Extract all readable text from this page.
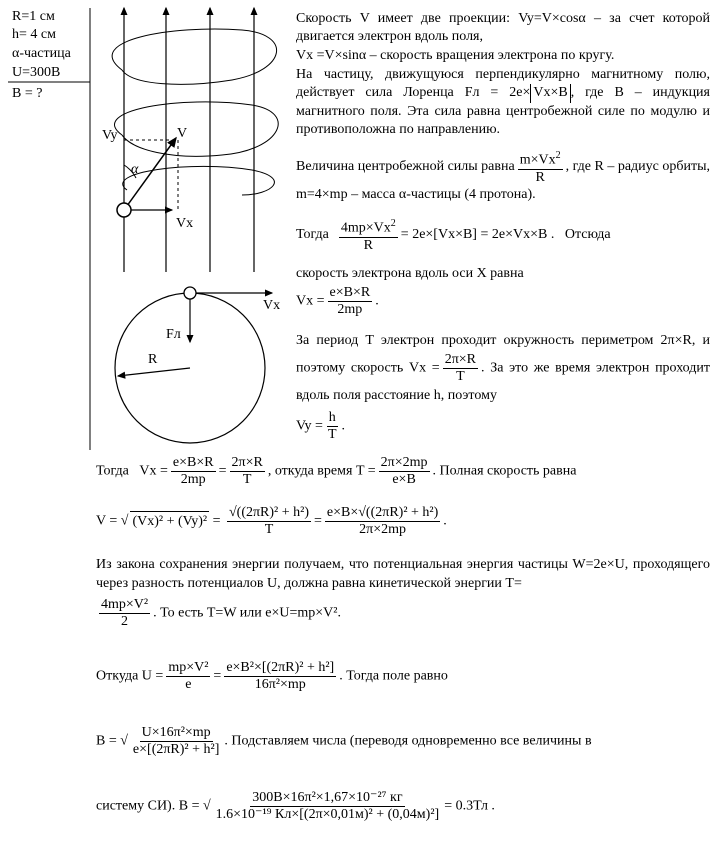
R=1 см
h= 4 см
α-частица
U=300В
B = ?
V
Vy
Vx
α
Vx
Fл
R
Скорость V имеет две проекции: Vy=V×cosα – за счет которой двигается электрон вдоль поля,
Vx =V×sinα – скорость вращения электрона по кругу.
На частицу, движущуюся перпендикулярно магнитному полю, действует сила Лоренца Fл = 2e× Vx×B , где В – индукция магнитного поля. Эта сила равна центробежной силе по модулю и противоположна по направлению.
Величина центробежной силы равна $\frac{m\times Vx^2}{R}$ , где R – радиус орбиты, m=4×mp – масса α-частицы (4 протона).
Тогда $\frac{4mp\times Vx^2}{R} = 2e\times[Vx\times B] = 2e\times Vx\times B$ . Отсюда
скорость электрона вдоль оси X равна
$Vx = \frac{e\times B\times R}{2mp}$ .
За период T электрон проходит окружность периметром 2π×R, и поэтому скорость $Vx = \frac{2\pi\times R}{T}$ . За это же время электрон проходит вдоль поля расстояние h, поэтому
$Vy = \frac{h}{T}$ .
Тогда $Vx = \frac{e\times B\times R}{2mp} = \frac{2\pi\times R}{T}$ , откуда время $T = \frac{2\pi\times 2mp}{e\times B}$ . Полная скорость равна
V = √ $(Vx)^2 + (Vy)^2 = \frac{\text{√((2πR)² + h²)}}{T} = \frac{\text{e×B×√((2πR)² + h²)}}{2\pi\times 2mp}$ .
Из закона сохранения энергии получаем, что потенциальная энергия частицы W=2e×U, проходящего через разность потенциалов U, должна равна кинетической энергии T=
$\frac{\text{4mp×V²}}{2}$ . То есть T=W или e×U=mp×V².
Откуда $U = \frac{\text{mp×V²}}{e} = \frac{\text{e×B²×[(2πR)² + h²]}}{\text{16π²×mp}}$ . Тогда поле равно
B = √ $\frac{\text{U×16π²×mp}}{\text{e×[(2πR)² + h²]}}$ . Подставляем числа (переводя одновременно все величины в
систему СИ). B = √ $\frac{\text{300В×16π²×1,67×10⁻²⁷ кг}}{\text{1.6×10⁻¹⁹ Кл×[(2π×0,01м)² + (0,04м)²]}} = 0.3Тл$ .
